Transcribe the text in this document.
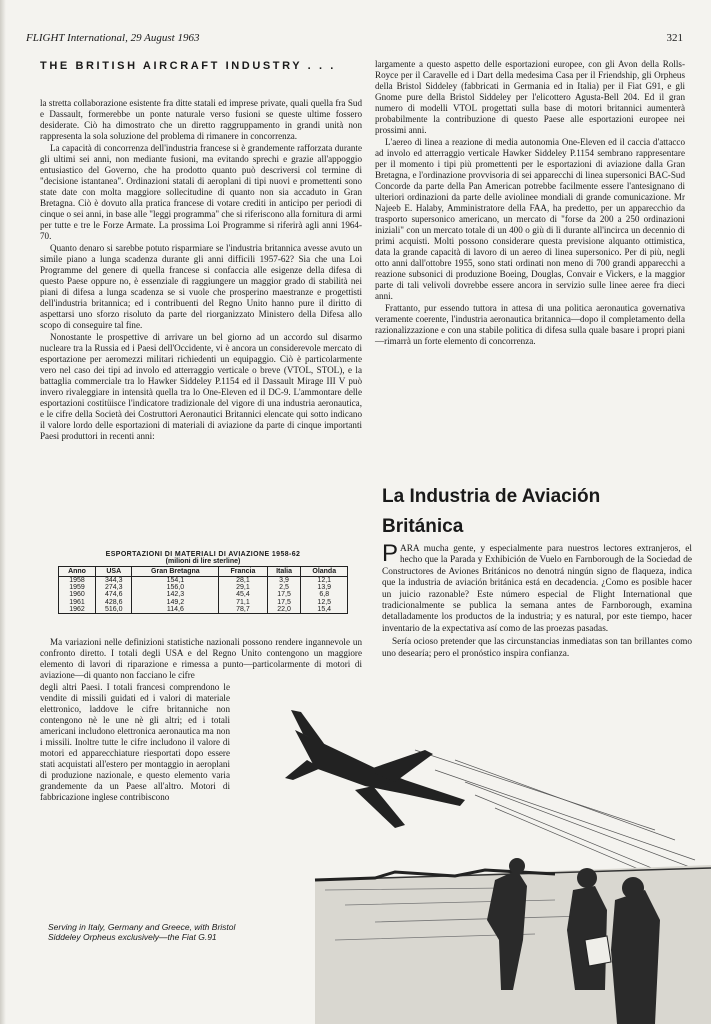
FLIGHT International, 29 August 1963	321
THE BRITISH AIRCRAFT INDUSTRY . . .

la stretta collaborazione esistente fra ditte statali ed imprese private, quali quella fra Sud e Dassault, formerebbe un ponte naturale verso fusioni se queste ultime fossero desiderate. Ciò ha dimostrato che un diretto raggruppamento in grandi unità non rappresenta la sola soluzione del problema di rimanere in concorrenza.

La capacità di concorrenza dell'industria francese si è grandemente rafforzata durante gli ultimi sei anni, non mediante fusioni, ma evitando sprechi e grazie all'appoggio entusiastico del Governo, che ha prodotto quanto può descriversi col termine di "decisione istantanea". Ordinazioni statali di aeroplani di tipi nuovi e promettenti sono state date con molta maggiore sollecitudine di quanto non sia accaduto in Gran Bretagna. Ciò è dovuto alla pratica francese di votare crediti in anticipo per periodi di cinque o sei anni, in base alle "leggi programma" che si riferiscono alla fornitura di armi per tutte e tre le Forze Armate. La prossima Loi Programme si riferirà agli anni 1964-70.

Quanto denaro si sarebbe potuto risparmiare se l'industria britannica avesse avuto un simile piano a lunga scadenza durante gli anni difficili 1957-62? Sia che una Loi Programme del genere di quella francese si confaccia alle esigenze della difesa di questo Paese oppure no, è essenziale di raggiungere un maggior grado di stabilità nei piani di difesa a lunga scadenza se si vuole che prosperino maestranze e progettisti dell'industria britannica; ed i contribuenti del Regno Unito hanno pure il diritto di aspettarsi uno sforzo risoluto da parte del riorganizzato Ministero della Difesa allo scopo di conseguire tal fine.

Nonostante le prospettive di arrivare un bel giorno ad un accordo sul disarmo nucleare tra la Russia ed i Paesi dell'Occidente, vi è ancora un considerevole mercato di esportazione per aeromezzi militari richiedenti un equipaggio. Ciò è particolarmente vero nel caso dei tipi ad involo ed atterraggio verticale o breve (VTOL, STOL), e la battaglia commerciale tra lo Hawker Siddeley P.1154 ed il Dassault Mirage III V può invero rivaleggiare in intensità quella tra lo One-Eleven ed il DC-9. L'ammontare delle esportazioni costitüisce l'indicatore tradizionale del vigore di una industria aeronautica, e le cifre della Società dei Costruttori Aeronautici Britannici elencate qui sotto indicano il valore lordo delle esportazioni di materiali di aviazione da parte di cinque importanti Paesi produttori in recenti anni:

ESPORTAZIONI DI MATERIALI DI AVIAZIONE 1958-62
(milioni di lire sterline)
Anno	USA	Gran Bretagna	Francia	Italia	Olanda
1958	344,3	154,1	28,1	3,9	12,1
1959	274,3	156,0	29,1	2,5	13,9
1960	474,6	142,3	45,4	17,5	6,8
1961	428,6	149,2	71,1	17,5	12,5
1962	516,0	114,6	78,7	22,0	15,4

Ma variazioni nelle definizioni statistiche nazionali possono rendere ingannevole un confronto diretto. I totali degli USA e del Regno Unito contengono un maggiore elemento di lavori di riparazione e rimessa a punto—particolarmente di motori di aviazione—di quanto non facciano le cifre

degli altri Paesi. I totali francesi comprendono le vendite di missili guidati ed i valori di materiale elettronico, laddove le cifre britanniche non contengono nè le une nè gli altri; ed i totali americani includono elettronica aeronautica ma non i missili. Inoltre tutte le cifre includono il valore di motori ed apparecchiature riesportati dopo essere stati acquistati all'estero per montaggio in aeroplani di produzione nazionale, e questo elemento varia grandemente da un Paese all'altro. Motori di fabbricazione inglese contribiscono

largamente a questo aspetto delle esportazioni europee, con gli Avon della Rolls-Royce per il Caravelle ed i Dart della medesima Casa per il Friendship, gli Orpheus della Bristol Siddeley (fabbricati in Germania ed in Italia) per il Fiat G91, e gli Gnome pure della Bristol Siddeley per l'elicottero Agusta-Bell 204. Ed il gran numero di modelli VTOL progettati sulla base di motori britannici aumenterà probabilmente la contribuzione di questo Paese alle esportazioni europee nei prossimi anni.

L'aereo di linea a reazione di media autonomia One-Eleven ed il caccia d'attacco ad involo ed atterraggio verticale Hawker Siddeley P.1154 sembrano rappresentare per il momento i tipi più promettenti per le esportazioni di aviazione dalla Gran Bretagna, e l'ordinazione provvisoria di sei apparecchi di linea supersonici BAC-Sud Concorde da parte della Pan American potrebbe facilmente essere l'antesignano di ulteriori ordinazioni da parte delle aviolinee mondiali di grande comunicazione. Mr Najeeb E. Halaby, Amministratore della FAA, ha predetto, per un apparecchio da trasporto supersonico americano, un mercato di "forse da 200 a 250 ordinazioni iniziali" con un mercato totale di un 400 o giù di lì durante all'incirca un decennio di primi acquisti. Molti possono considerare questa previsione alquanto ottimistica, data la grande capacità di lavoro di un aereo di linea supersonico. Per di più, negli otto anni dall'ottobre 1955, sono stati ordinati non meno di 700 grandi apparecchi a reazione subsonici di produzione Boeing, Douglas, Convair e Vickers, e la maggior parte di tali velivoli dovrebbe essere ancora in servizio sulle linee aeree fra dieci anni.

Frattanto, pur essendo tuttora in attesa di una politica aeronautica governativa veramente coerente, l'industria aeronautica britannica—dopo il completamento della razionalizzazione e con una stabile politica di difesa sulla quale basare i propri piani—rimarrà un forte elemento di concorrenza.

La Industria de Aviación
Británica

PARA mucha gente, y especialmente para nuestros lectores extranjeros, el hecho que la Parada y Exhibición de Vuelo en Farnborough de la Sociedad de Constructores de Aviones Británicos no denotrá ningún signo de flaqueza, indica que la industria de aviación británica está en decadencia. ¿Como es posible hacer un juicio razonable? Este número especial de Flight International que tradicionalmente se publica la semana antes de Farnborough, examina detalladamente los productos de la industria; y es natural, por este tiempo, hacer inventario de la expectativa así como de las proezas pasadas.

Sería ocioso pretender que las circunstancias inmediatas son tan brillantes como uno desearía; pero el pronóstico inspira confianza.

Serving in Italy, Germany and Greece, with Bristol Siddeley Orpheus exclusively—the Fiat G.91
